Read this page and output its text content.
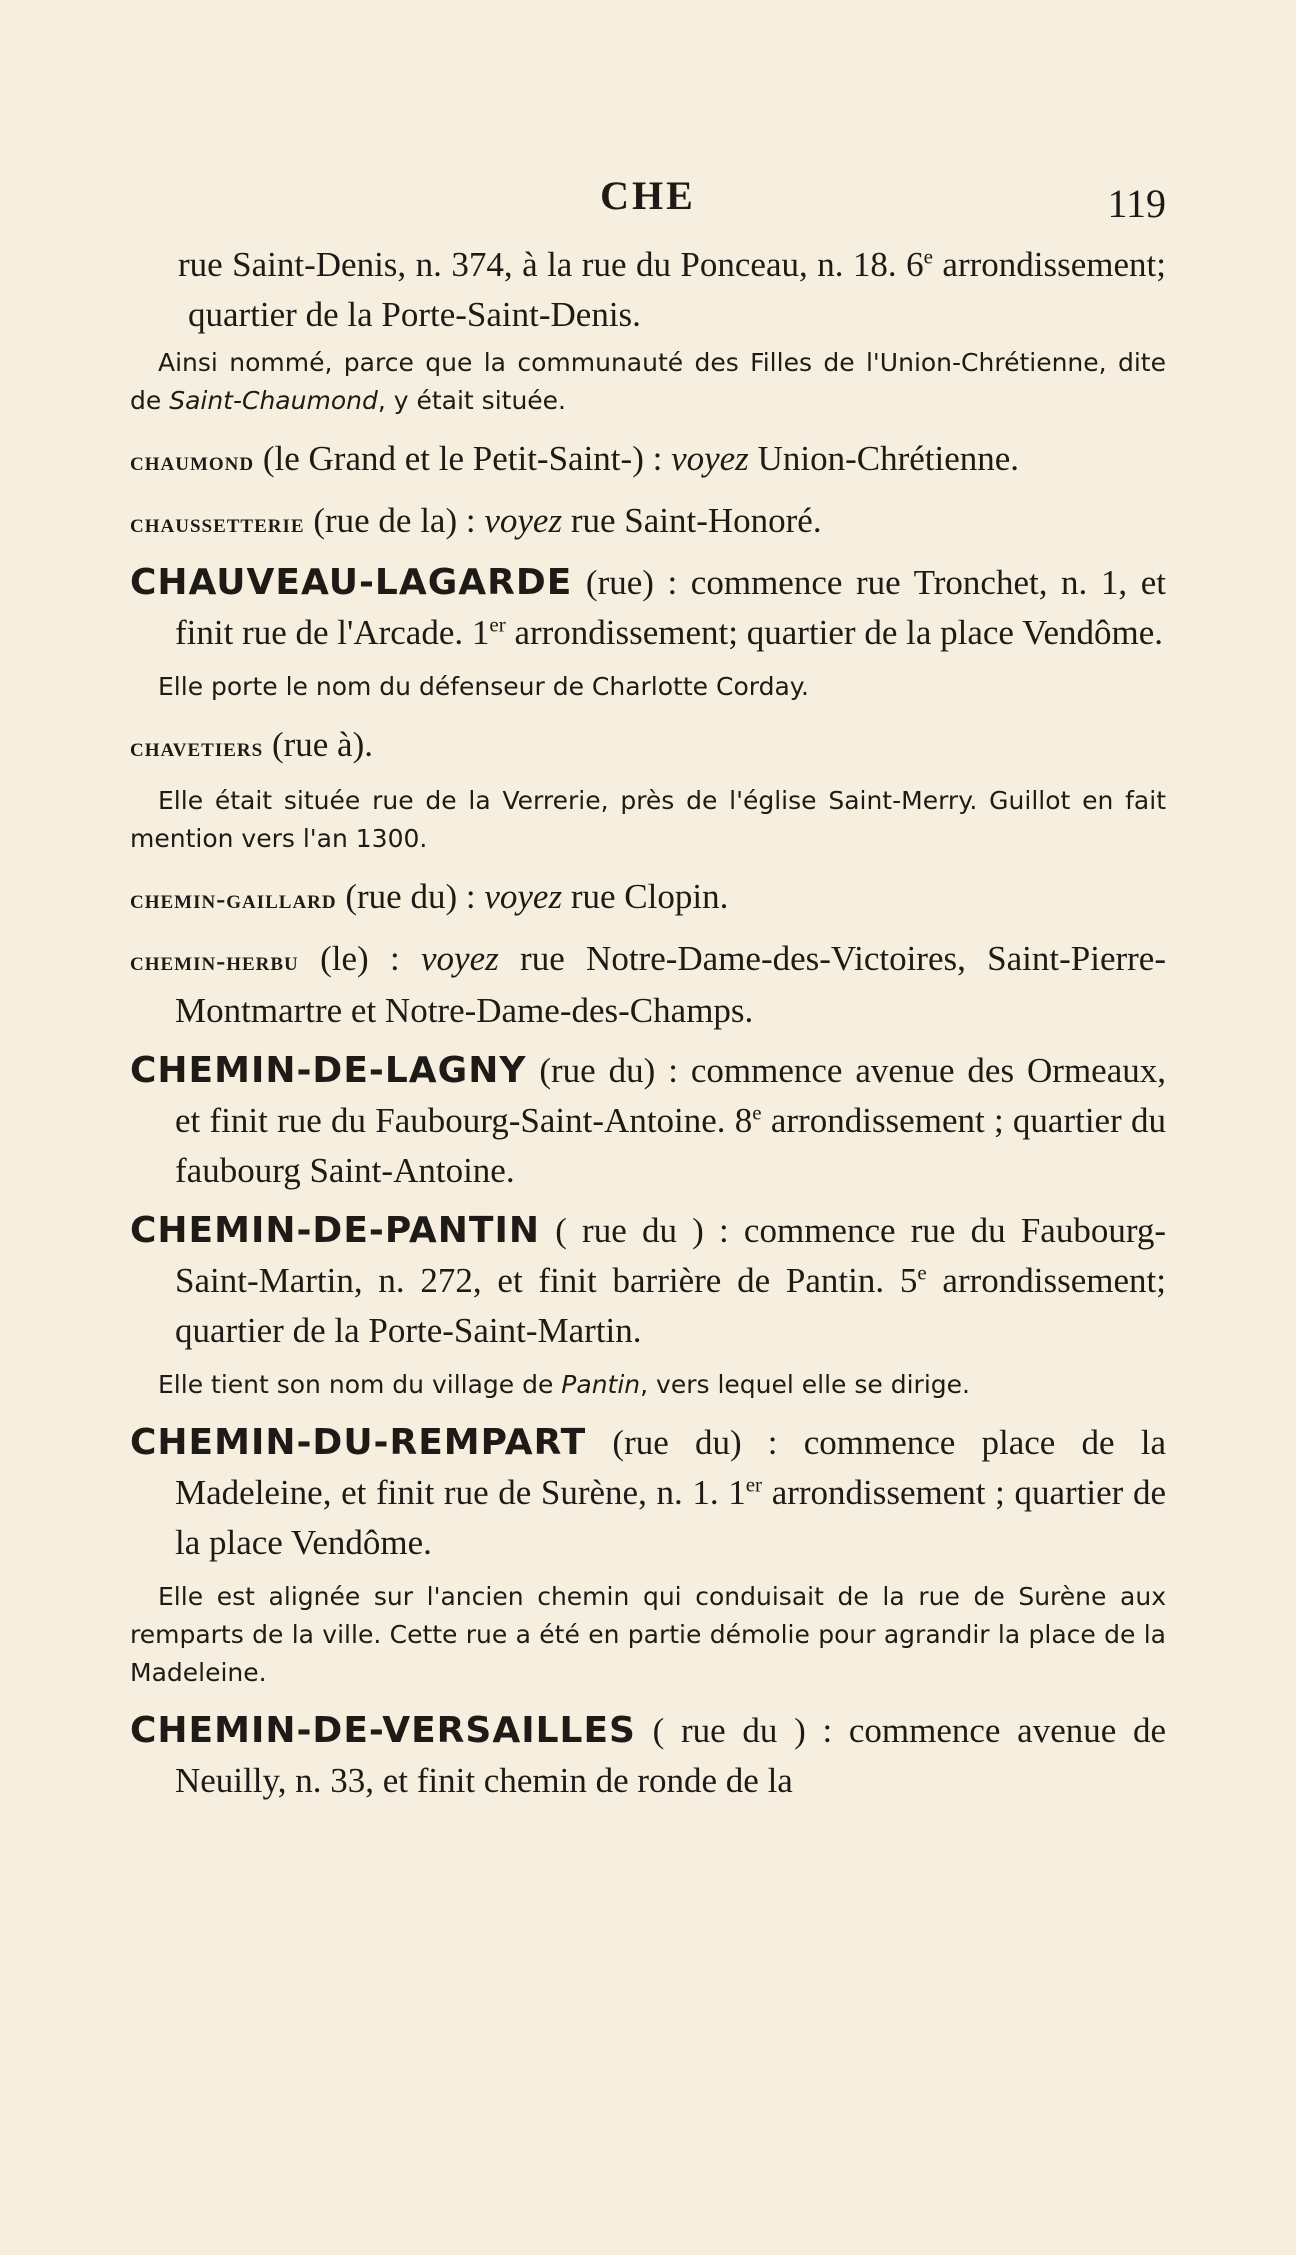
CHE	119

rue Saint-Denis, n. 374, à la rue du Ponceau, n. 18. 6e arrondissement; quartier de la Porte-Saint-Denis.

Ainsi nommé, parce que la communauté des Filles de l'Union-Chrétienne, dite de Saint-Chaumond, y était située.

chaumond (le Grand et le Petit-Saint-) : voyez Union-Chrétienne.

chaussetterie (rue de la) : voyez rue Saint-Honoré.

CHAUVEAU-LAGARDE (rue) : commence rue Tronchet, n. 1, et finit rue de l'Arcade. 1er arrondissement; quartier de la place Vendôme.

Elle porte le nom du défenseur de Charlotte Corday.

chavetiers (rue à).

Elle était située rue de la Verrerie, près de l'église Saint-Merry. Guillot en fait mention vers l'an 1300.

chemin-gaillard (rue du) : voyez rue Clopin.

chemin-herbu (le) : voyez rue Notre-Dame-des-Victoires, Saint-Pierre-Montmartre et Notre-Dame-des-Champs.

CHEMIN-DE-LAGNY (rue du) : commence avenue des Ormeaux, et finit rue du Faubourg-Saint-Antoine. 8e arrondissement ; quartier du faubourg Saint-Antoine.

CHEMIN-DE-PANTIN ( rue du ) : commence rue du Faubourg-Saint-Martin, n. 272, et finit barrière de Pantin. 5e arrondissement; quartier de la Porte-Saint-Martin.

Elle tient son nom du village de Pantin, vers lequel elle se dirige.

CHEMIN-DU-REMPART (rue du) : commence place de la Madeleine, et finit rue de Surène, n. 1. 1er arrondissement ; quartier de la place Vendôme.

Elle est alignée sur l'ancien chemin qui conduisait de la rue de Surène aux remparts de la ville. Cette rue a été en partie démolie pour agrandir la place de la Madeleine.

CHEMIN-DE-VERSAILLES ( rue du ) : commence avenue de Neuilly, n. 33, et finit chemin de ronde de la
